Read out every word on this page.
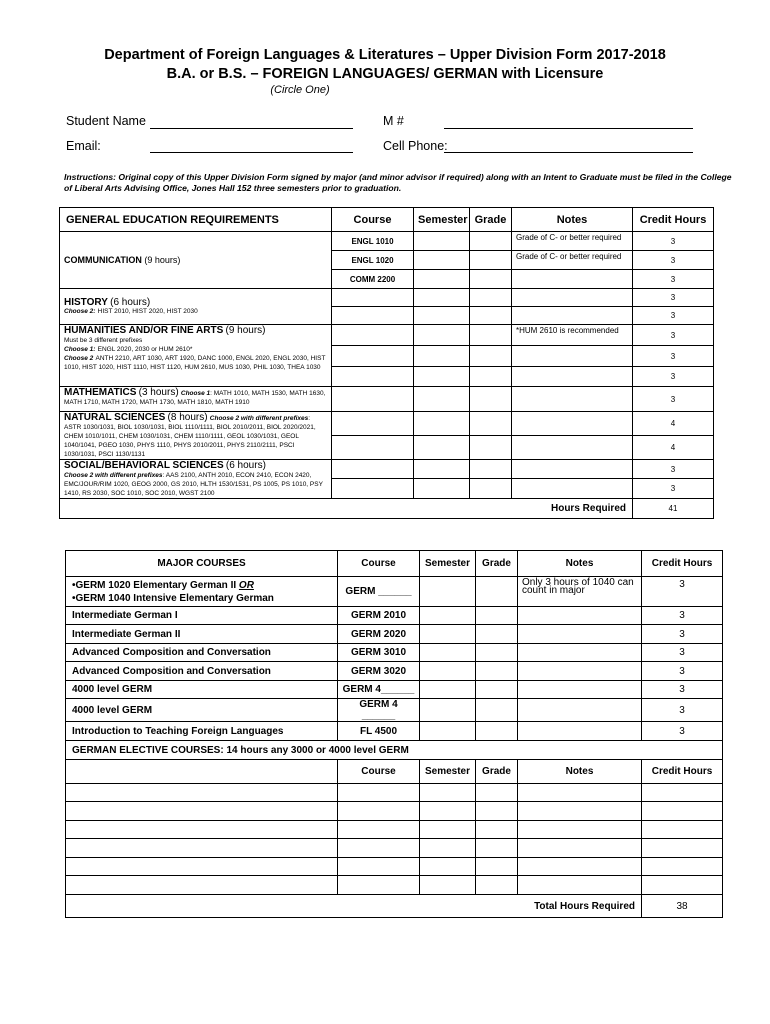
Department of Foreign Languages & Literatures – Upper Division Form 2017-2018
B.A. or B.S. – FOREIGN LANGUAGES/ GERMAN with Licensure
(Circle One)
Student Name	M #
Email:	Cell Phone:
Instructions: Original copy of this Upper Division Form signed by major (and minor advisor if required) along with an Intent to Graduate must be filed in the College of Liberal Arts Advising Office, Jones Hall 152 three semesters prior to graduation.
GENERAL EDUCATION REQUIREMENTS	Course	Semester	Grade	Notes	Credit Hours
COMMUNICATION (9 hours)	ENGL 1010			Grade of C- or better required	3
	ENGL 1020			Grade of C- or better required	3
	COMM 2200				3
HISTORY (6 hours)
Choose 2: HIST 2010, HIST 2020, HIST 2030					3
					3
HUMANITIES AND/OR FINE ARTS (9 hours)
Must be 3 different prefixes
Choose 1: ENGL 2020, 2030 or HUM 2610*
Choose 2 ANTH 2210, ART 1030, ART 1920, DANC 1000, ENGL 2020, ENGL 2030, HIST 1010, HIST 1020, HIST 1110, HIST 1120, HUM 2610, MUS 1030, PHIL 1030, THEA 1030				*HUM 2610 is recommended	3
					3
					3
MATHEMATICS (3 hours) Choose 1: MATH 1010, MATH 1530, MATH 1630, MATH 1710, MATH 1720, MATH 1730, MATH 1810, MATH 1910					3
NATURAL SCIENCES (8 hours) Choose 2 with different prefixes: ASTR 1030/1031, BIOL 1030/1031, BIOL 1110/1111, BIOL 2010/2011, BIOL 2020/2021, CHEM 1010/1011, CHEM 1030/1031, CHEM 1110/1111, GEOL 1030/1031, GEOL 1040/1041, PGEO 1030, PHYS 1110, PHYS 2010/2011, PHYS 2110/2111, PSCI 1030/1031, PSCI 1130/1131					4
					4
SOCIAL/BEHAVIORAL SCIENCES (6 hours)
Choose 2 with different prefixes: AAS 2100, ANTH 2010, ECON 2410, ECON 2420, EMC/JOUR/RIM 1020, GEOG 2000, GS 2010, HLTH 1530/1531, PS 1005, PS 1010, PSY 1410, RS 2030, SOC 1010, SOC 2010, WGST 2100					3
					3
Hours Required					41
MAJOR COURSES	Course	Semester	Grade	Notes	Credit Hours
•GERM 1020 Elementary German II OR
•GERM 1040 Intensive Elementary German	GERM ______			Only 3 hours of 1040 can count in major	3
Intermediate German I	GERM 2010				3
Intermediate German II	GERM 2020				3
Advanced Composition and Conversation	GERM 3010				3
Advanced Composition and Conversation	GERM 3020				3
4000 level GERM	GERM 4______				3
4000 level GERM	GERM 4 ______				3
Introduction to Teaching Foreign Languages	FL 4500				3
GERMAN ELECTIVE COURSES: 14 hours any 3000 or 4000 level GERM					
	Course	Semester	Grade	Notes	Credit Hours

Total Hours Required					38
